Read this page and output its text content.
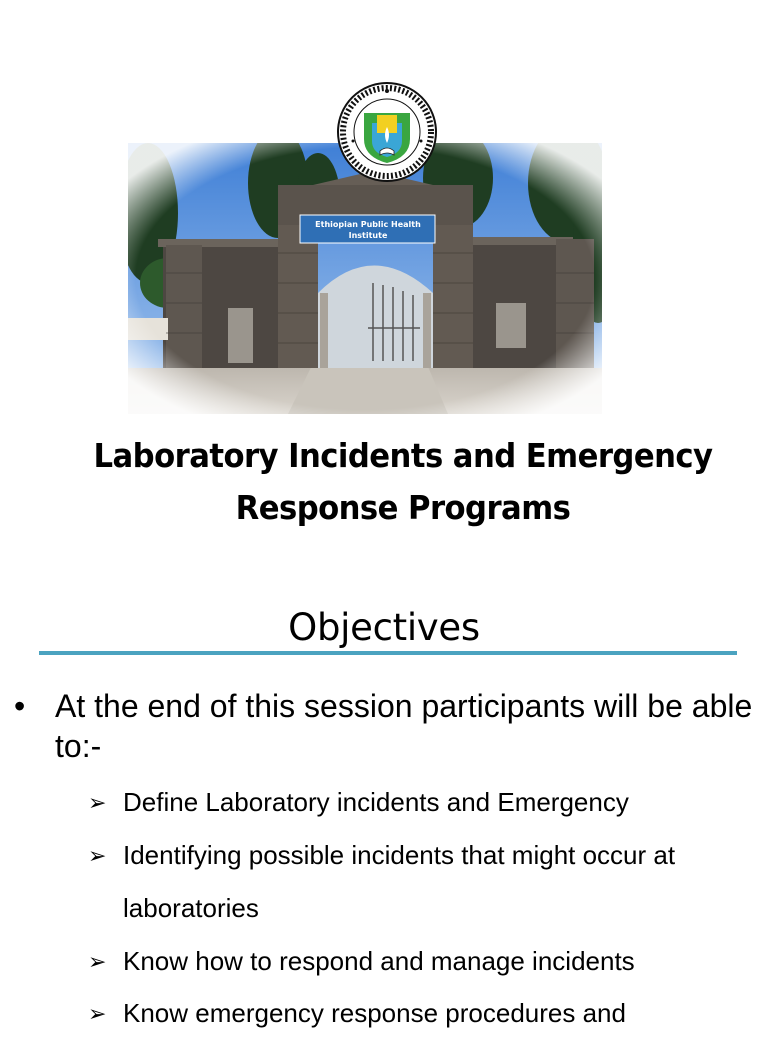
Laboratory Incidents and Emergency
Response Programs
Objectives
• At the end of this session participants will be able to:-
➢ Define Laboratory incidents and Emergency
➢ Identifying possible incidents that might occur at laboratories
➢ Know how to respond and manage incidents
➢ Know emergency response procedures and
